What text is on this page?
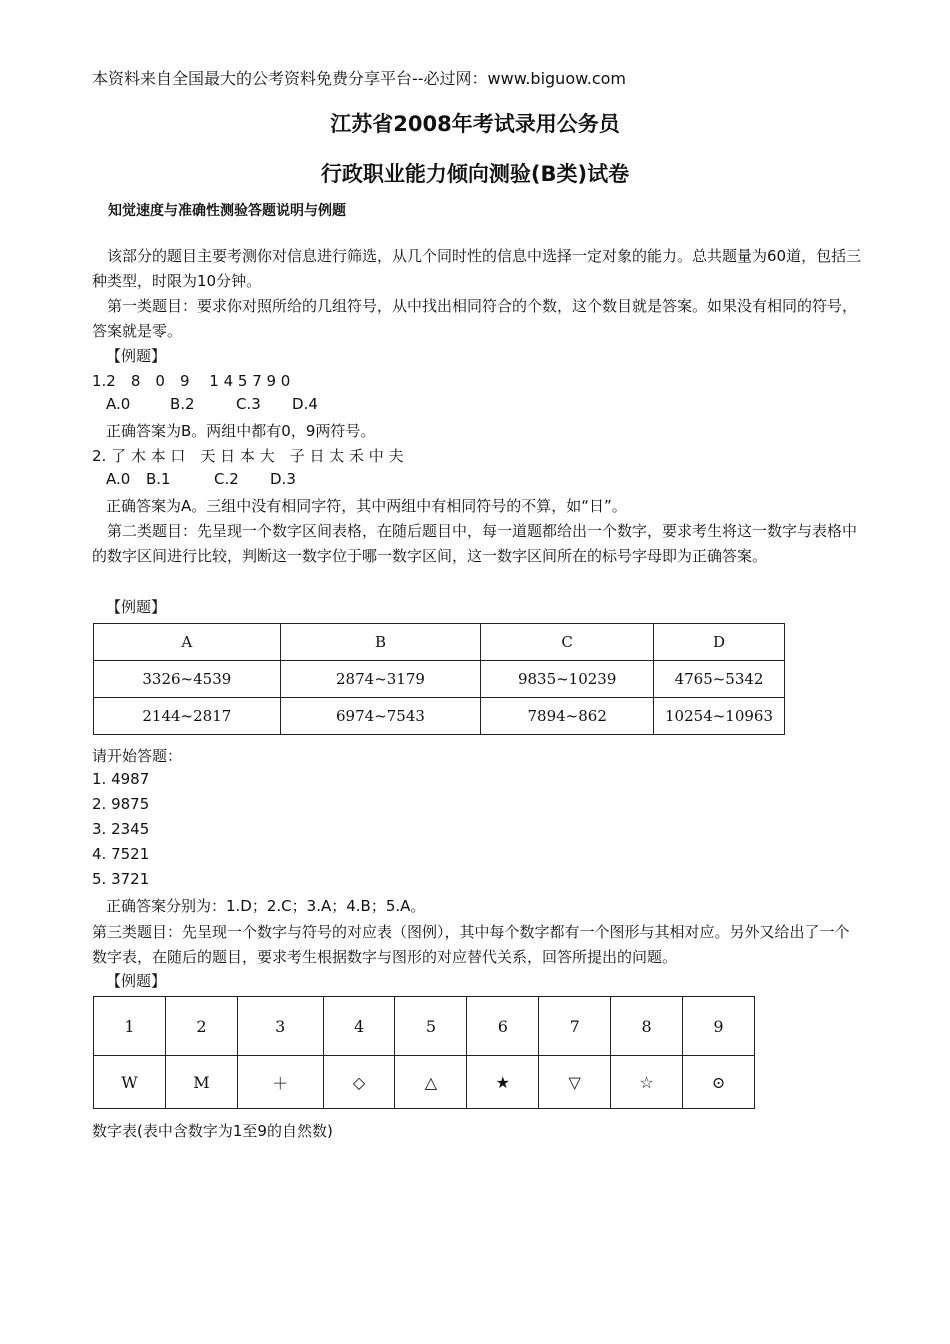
本资料来自全国最大的公考资料免费分享平台--必过网：www.biguow.com
江苏省2008年考试录用公务员
行政职业能力倾向测验(B类)试卷
知觉速度与准确性测验答题说明与例题
该部分的题目主要考测你对信息进行筛选，从几个同时性的信息中选择一定对象的能力。总共题量为60道，包括三种类型，时限为10分钟。
第一类题目：要求你对照所给的几组符号，从中找出相同符合的个数，这个数目就是答案。如果没有相同的符号，答案就是零。
【例题】
1.2　8　0　9　 1 4 5 7 9 0
A.0	B.2	C.3 D.4
正确答案为B。两组中都有0，9两符号。
2. 了 木 本 口　天 日 本 大　子 日 太 禾 中 夫
A.0 B.1	C.2 D.3
正确答案为A。三组中没有相同字符，其中两组中有相同符号的不算，如“日”。
第二类题目：先呈现一个数字区间表格，在随后题目中，每一道题都给出一个数字，要求考生将这一数字与表格中的数字区间进行比较，判断这一数字位于哪一数字区间，这一数字区间所在的标号字母即为正确答案。
【例题】
A	B	C	D
3326~4539	2874~3179	9835~10239	4765~5342
2144~2817	6974~7543	7894~862	10254~10963
请开始答题：
1. 4987
2. 9875
3. 2345
4. 7521
5. 3721
正确答案分别为：1.D；2.C；3.A；4.B；5.A。
第三类题目：先呈现一个数字与符号的对应表（图例），其中每个数字都有一个图形与其相对应。另外又给出了一个数字表，在随后的题目，要求考生根据数字与图形的对应替代关系，回答所提出的问题。
【例题】
1	2	3	4	5	6	7	8	9
W	M	＋	◇	△	★	▽	☆	⊙
数字表(表中含数字为1至9的自然数)
